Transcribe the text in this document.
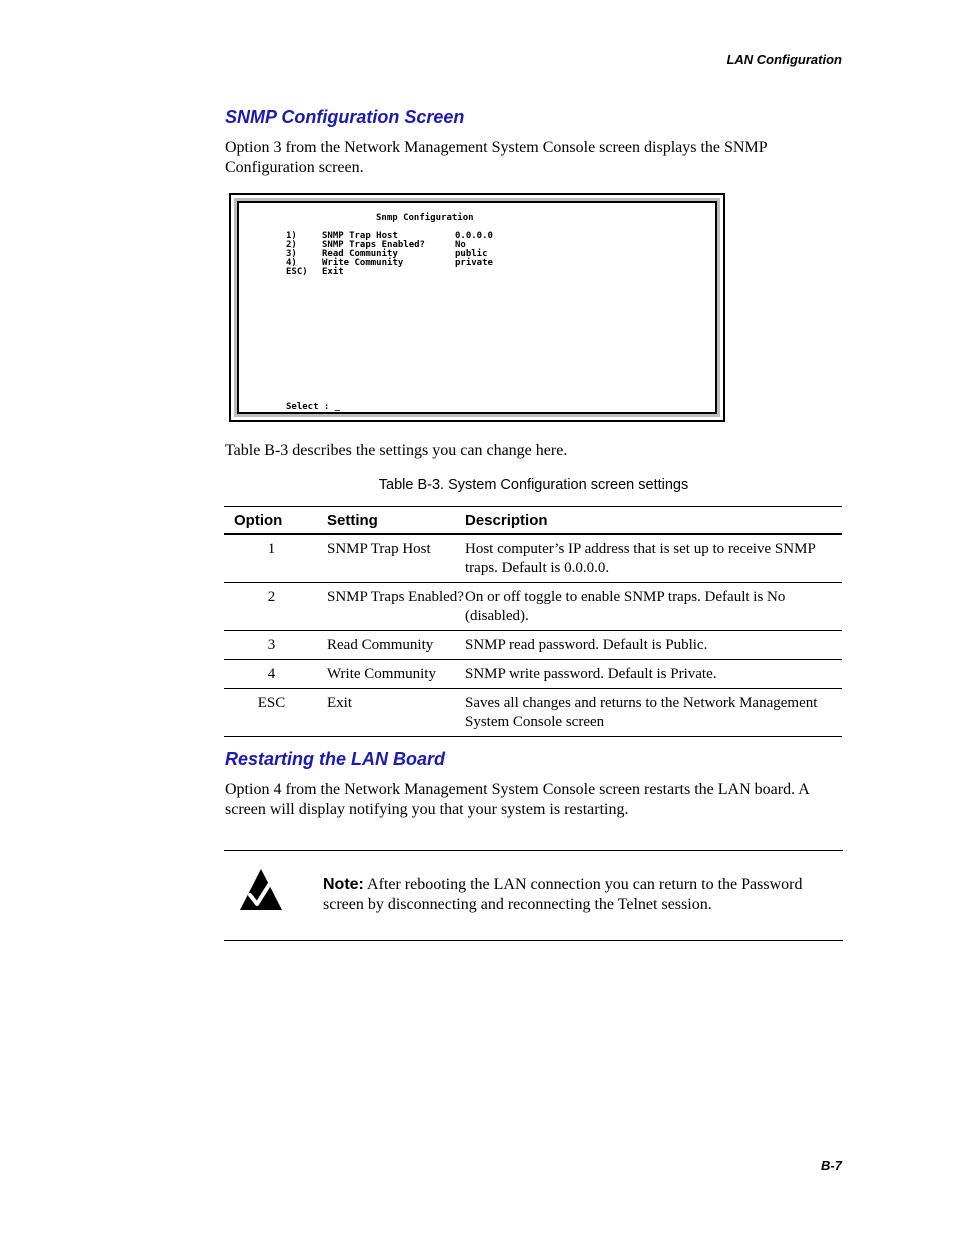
LAN Configuration
SNMP Configuration Screen
Option 3 from the Network Management System Console screen displays the SNMP Configuration screen.
Snmp Configuration
1)	SNMP Trap Host	0.0.0.0
2)	SNMP Traps Enabled?	No
3)	Read Community	public
4)	Write Community	private
ESC) Exit
Select : _
Table B-3 describes the settings you can change here.
Table B-3. System Configuration screen settings
Option	Setting	Description
1	SNMP Trap Host	Host computer’s IP address that is set up to receive SNMP traps. Default is 0.0.0.0.
2	SNMP Traps Enabled?	On or off toggle to enable SNMP traps. Default is No (disabled).
3	Read Community	SNMP read password. Default is Public.
4	Write Community	SNMP write password. Default is Private.
ESC	Exit	Saves all changes and returns to the Network Management System Console screen
Restarting the LAN Board
Option 4 from the Network Management System Console screen restarts the LAN board. A screen will display notifying you that your system is restarting.
Note: After rebooting the LAN connection you can return to the Password screen by disconnecting and reconnecting the Telnet session.
B-7
